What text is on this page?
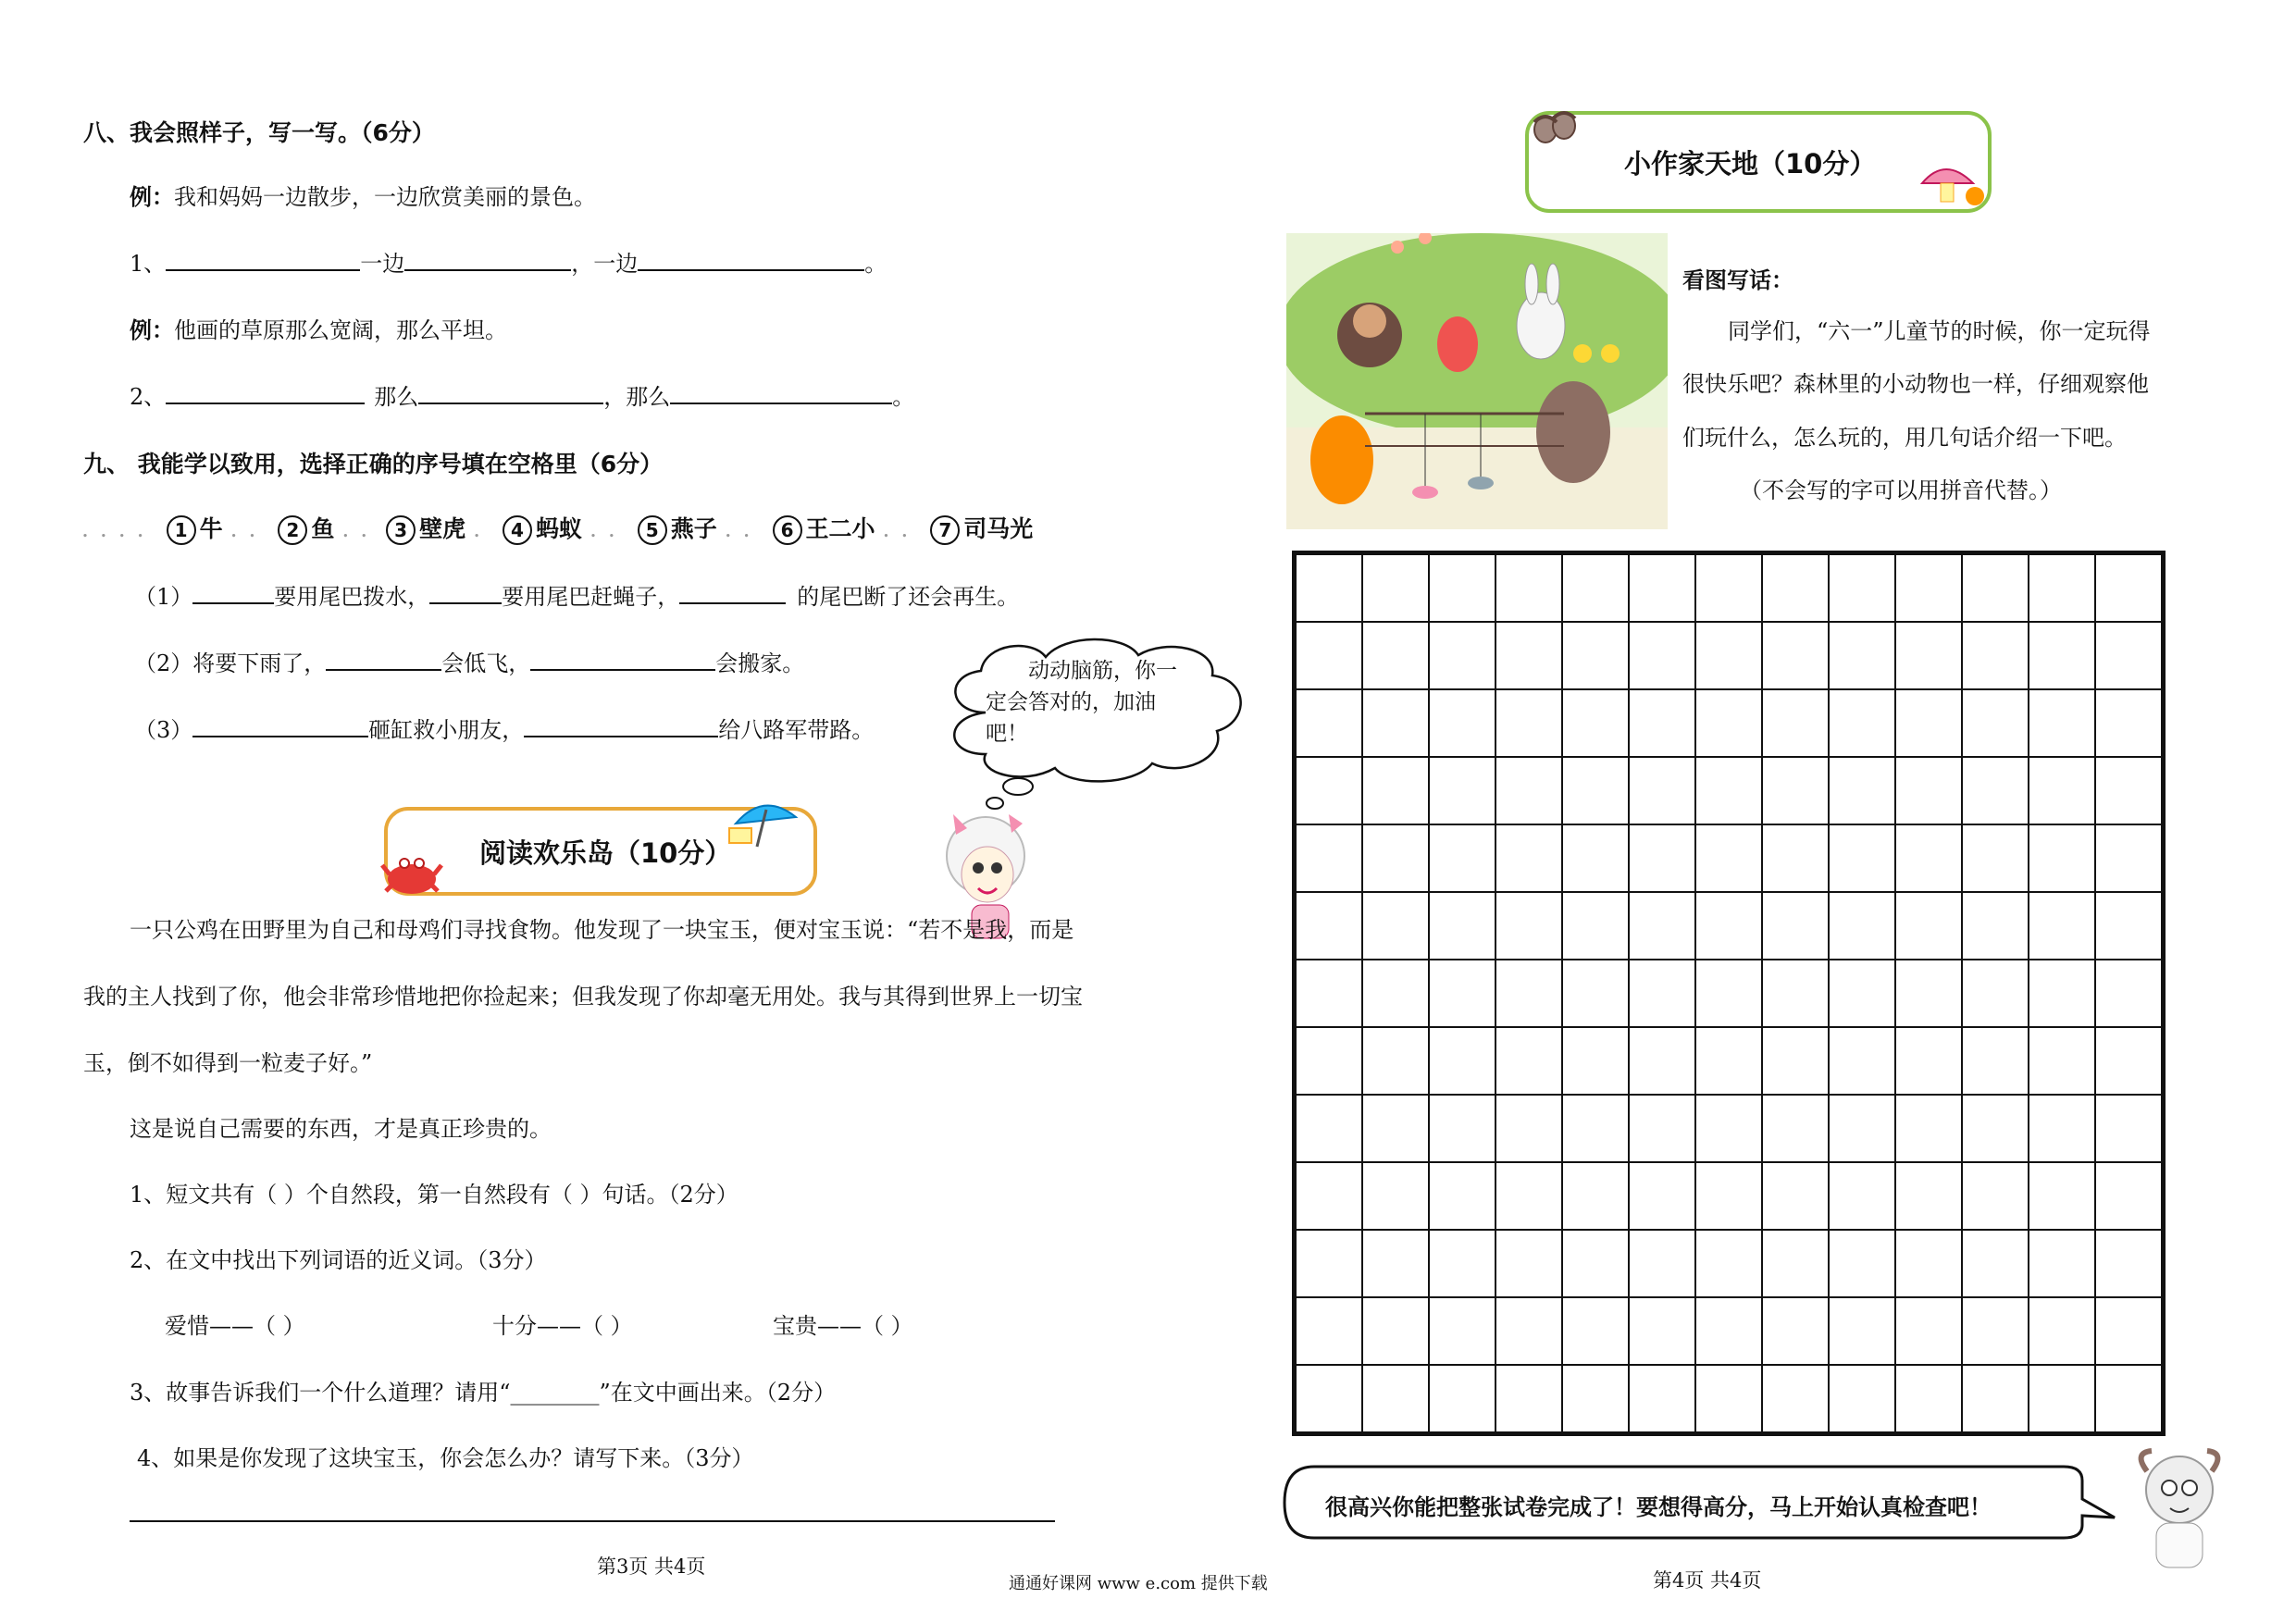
八、我会照样子，写一写。（6分）
例：我和妈妈一边散步，一边欣赏美丽的景色。
1、	一边	，一边	。
例：他画的草原那么宽阔，那么平坦。
2、	那么	，那么	。
九、 我能学以致用，选择正确的序号填在空格里（6分）
. . . . 1 牛 . . 2 鱼 . . 3 壁虎 . 4 蚂蚁 . . 5 燕子 . . 6 王二小 . . 7 司马光
（1）	要用尾巴拨水，	要用尾巴赶蝇子，	的尾巴断了还会再生。
（2）将要下雨了，	会低飞，	会搬家。
（3）	砸缸救小朋友，	给八路军带路。
动动脑筋，你一定会答对的，加油吧！
阅读欢乐岛（10分）
一只公鸡在田野里为自己和母鸡们寻找食物。他发现了一块宝玉，便对宝玉说：“若不是我，而是
我的主人找到了你，他会非常珍惜地把你捡起来；但我发现了你却毫无用处。我与其得到世界上一切宝
玉，倒不如得到一粒麦子好。”
这是说自己需要的东西，才是真正珍贵的。
1、短文共有（ ）个自然段，第一自然段有（ ）句话。（2分）
2、在文中找出下列词语的近义词。（3分）
爱惜——（ ）	十分——（ ）	宝贵——（ ）
3、故事告诉我们一个什么道理？请用“________”在文中画出来。（2分）
4、如果是你发现了这块宝玉，你会怎么办？请写下来。（3分）
第3页 共4页
通通好课网 www e.com 提供下载
小作家天地（10分）
看图写话：
同学们，“六一”儿童节的时候，你一定玩得
很快乐吧？森林里的小动物也一样，仔细观察他
们玩什么，怎么玩的，用几句话介绍一下吧。
（不会写的字可以用拼音代替。）

很高兴你能把整张试卷完成了！要想得高分，马上开始认真检查吧！
第4页 共4页
